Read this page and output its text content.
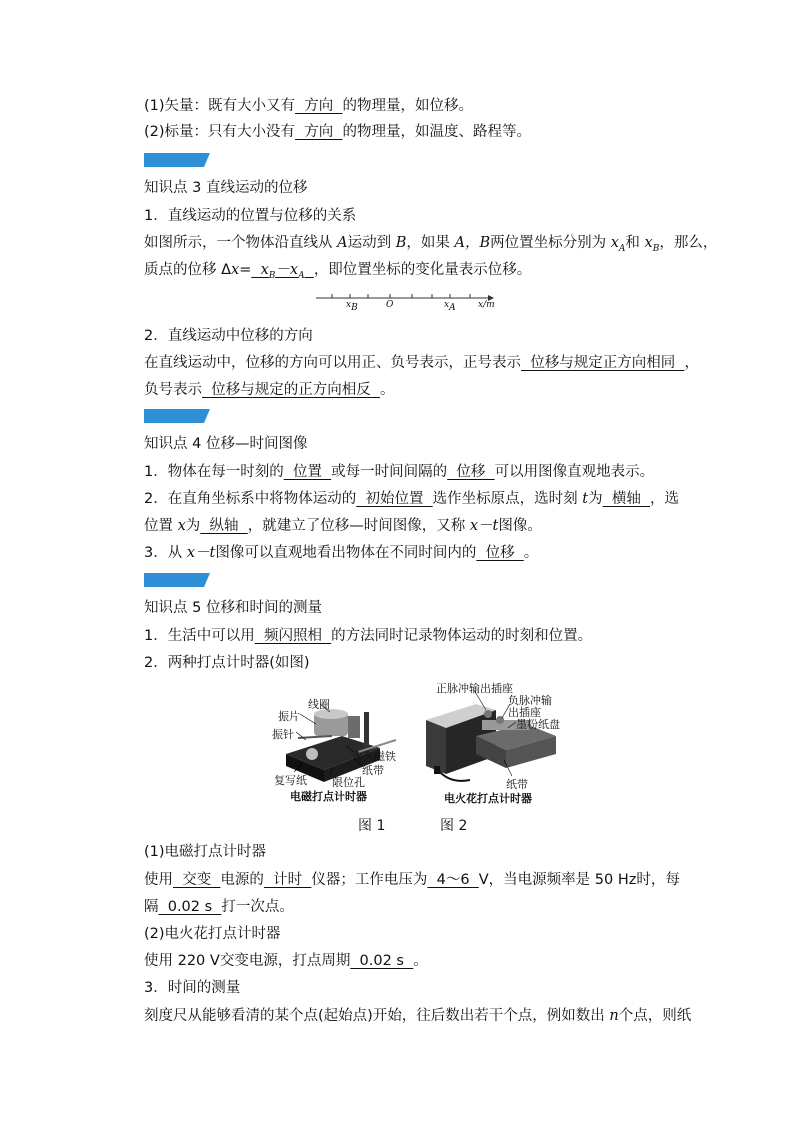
(1)矢量：既有大小又有  方向  的物理量，如位移。
(2)标量：只有大小没有  方向  的物理量，如温度、路程等。
知识点 3 直线运动的位移
1．直线运动的位置与位移的关系
如图所示，一个物体沿直线从 A运动到 B，如果 A，B两位置坐标分别为 $x_A$和 $x_B$，那么，
质点的位移 $\Delta x= x_B-x_A$ ，即位置坐标的变化量表示位移。
$x_B$	O	$x_A$ x/m
2．直线运动中位移的方向
在直线运动中，位移的方向可以用正、负号表示，正号表示  位移与规定正方向相同  ，
负号表示  位移与规定的正方向相反  。
知识点 4 位移—时间图像
1．物体在每一时刻的  位置  或每一时间间隔的  位移  可以用图像直观地表示。
2．在直角坐标系中将物体运动的  初始位置  选作坐标原点，选时刻 t为  横轴  ，选
位置 x为  纵轴  ，就建立了位移—时间图像，又称 x－t图像。
3．从 x－t图像可以直观地看出物体在不同时间内的  位移  。
知识点 5 位移和时间的测量
1．生活中可以用  频闪照相  的方法同时记录物体运动的时刻和位置。
2．两种打点计时器(如图)
线圈
振片
振针
永久磁铁
纸带
复写纸 限位孔
电磁打点计时器
正脉冲输出插座
负脉冲输
出插座
墨粉纸盘
纸带
电火花打点计时器
图 1	图 2
(1)电磁打点计时器
使用  交变  电源的  计时  仪器；工作电压为  4～6  V，当电源频率是 50 Hz时，每
隔  0.02 s  打一次点。
(2)电火花打点计时器
使用 220 V交变电源，打点周期  0.02 s  。
3．时间的测量
刻度尺从能够看清的某个点(起始点)开始，往后数出若干个点，例如数出 n个点，则纸
